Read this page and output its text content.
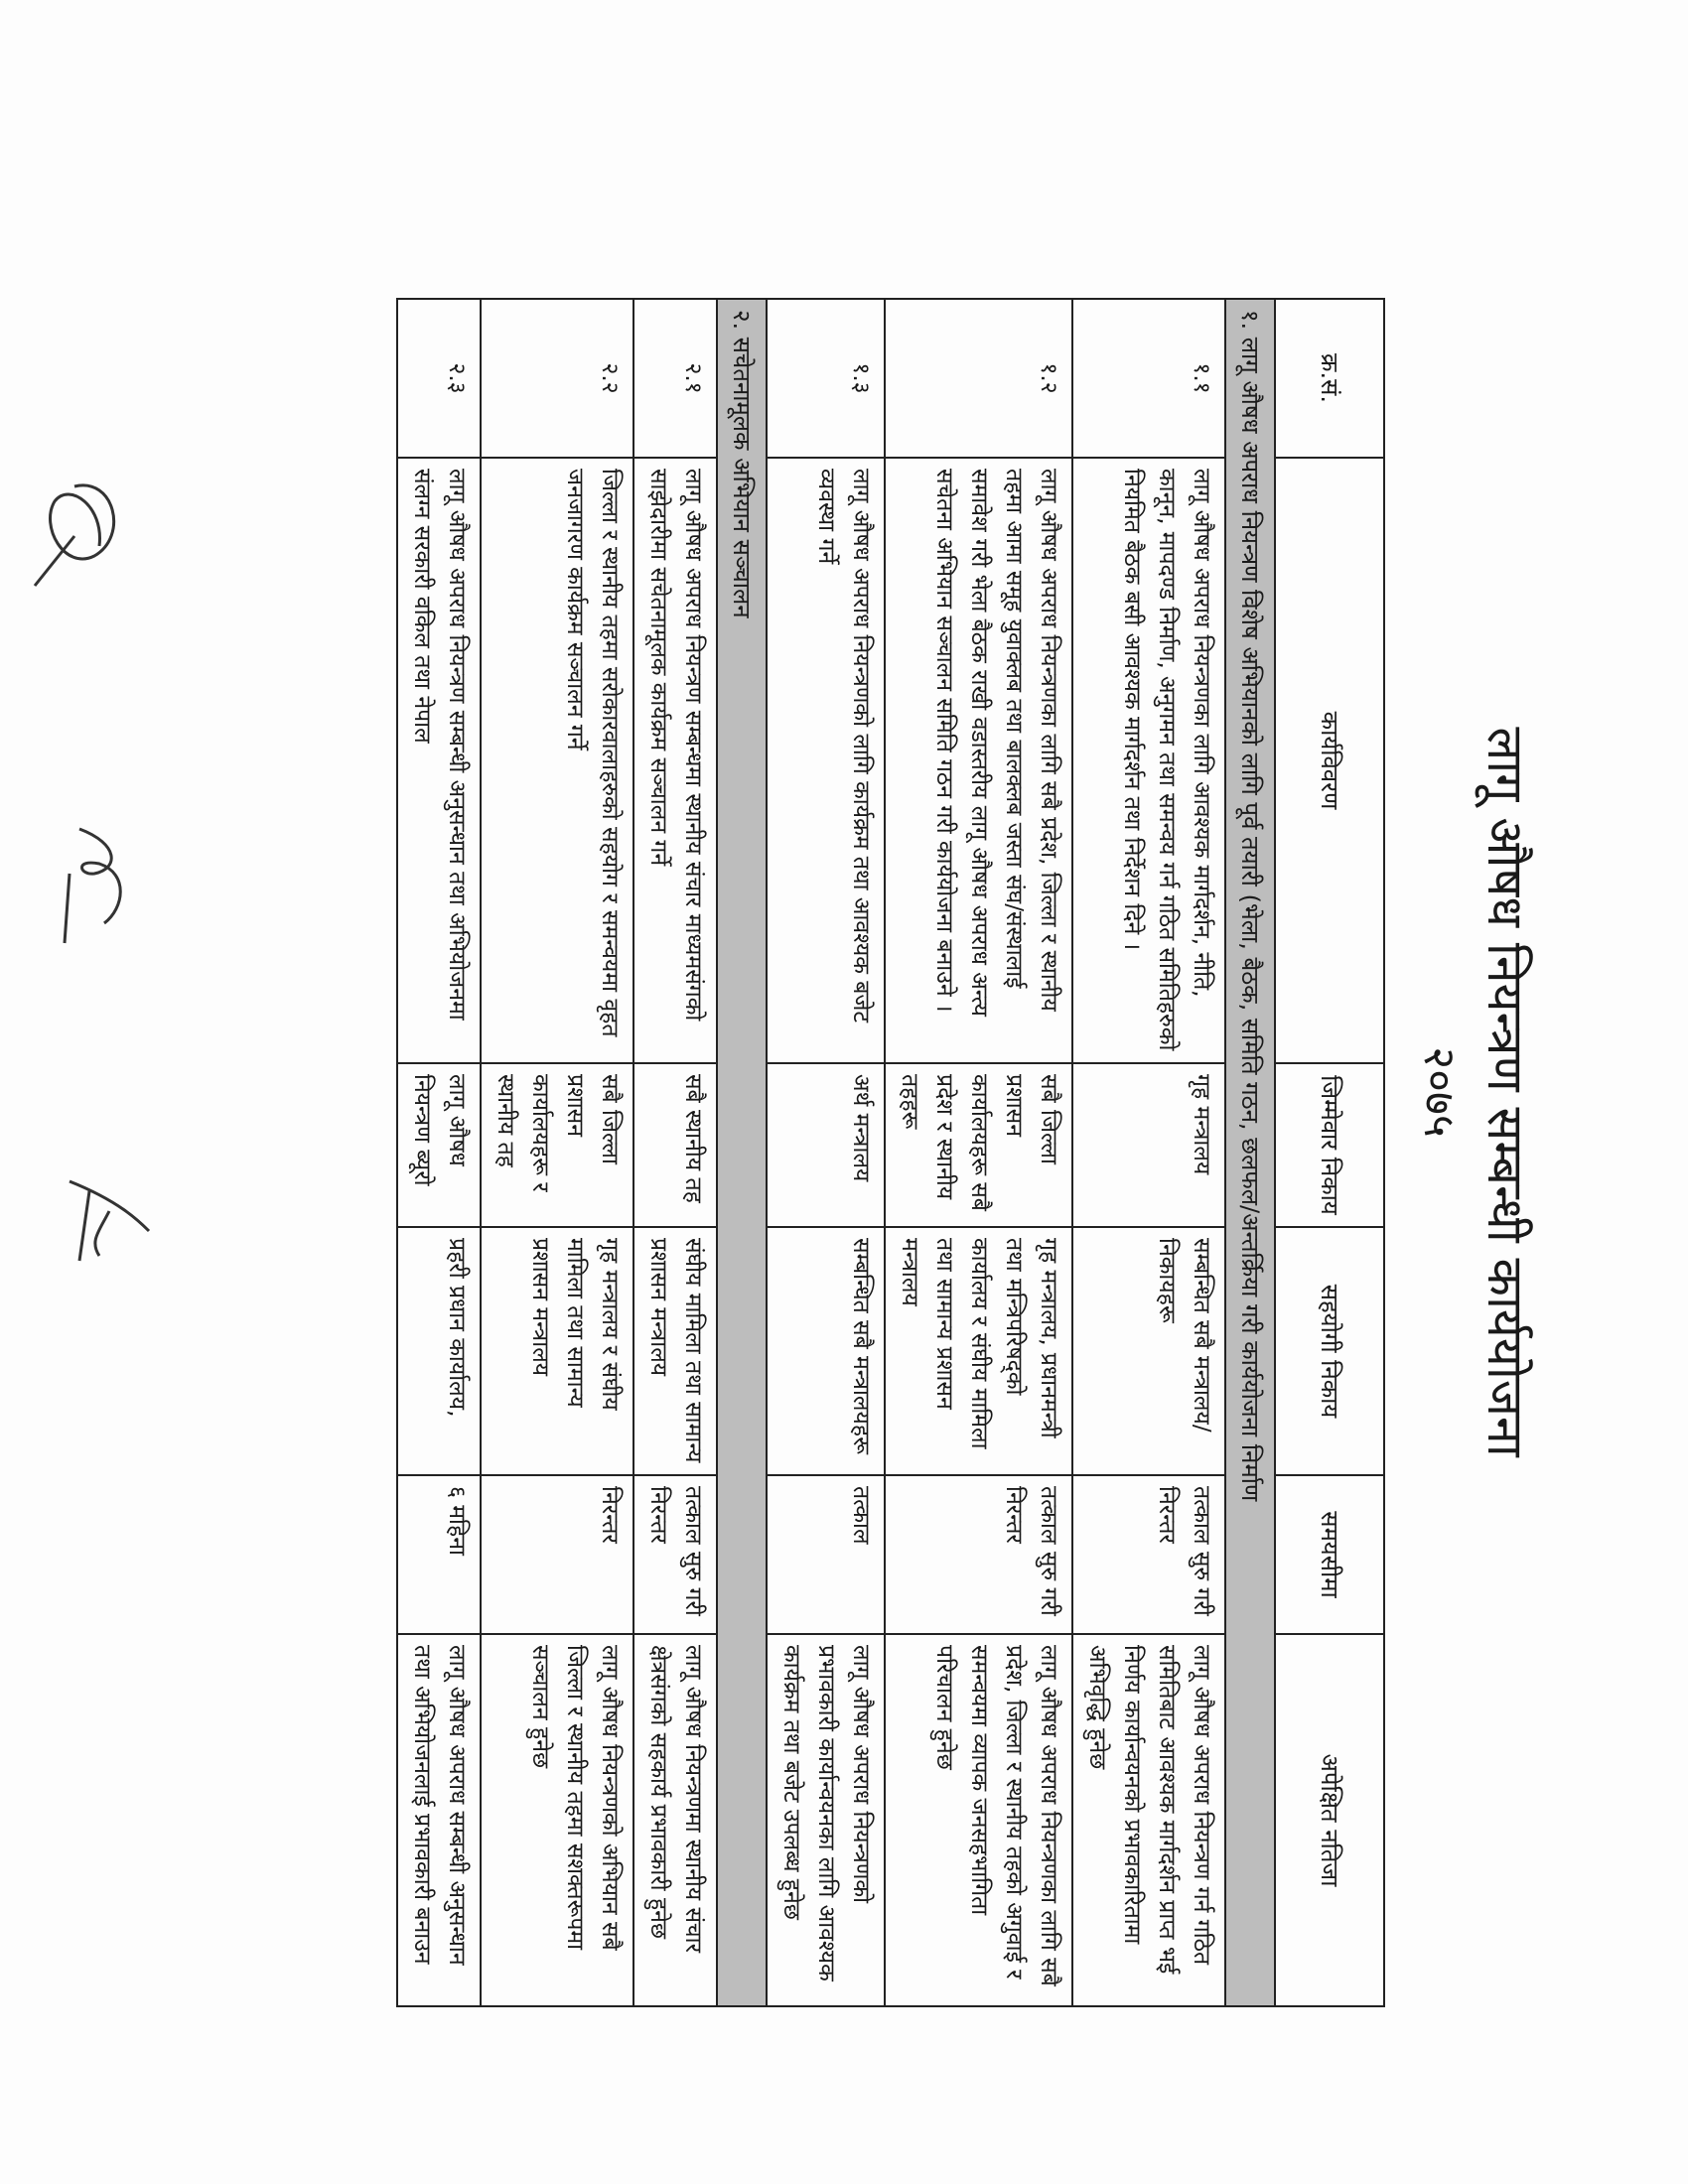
लागू औषध नियन्त्रण सम्बन्धी कार्ययोजना
२०७५
क्र.सं.	कार्यविवरण	जिम्मेवार निकाय	सहयोगी निकाय	समयसीमा	अपेक्षित नतिजा
१. लागू औषध अपराध नियन्त्रण विशेष अभियानको लागि पूर्व तयारी (भेला, बैठक, समिति गठन, छलफल/अन्तर्क्रिया गरी कार्ययोजना निर्माण					
१.१	लागू औषध अपराध नियन्त्रणका लागि आवश्यक मार्गदर्शन, नीति, कानून, मापदण्ड निर्माण, अनुगमन तथा समन्वय गर्न गठित समितिहरुको नियमित बैठक बसी आवश्यक मार्गदर्शन तथा निर्देशन दिने ।	गृह मन्त्रालय	सम्बन्धित सबै मन्त्रालय/निकायहरू	तत्काल सुरु गरी निरन्तर	लागू औषध अपराध नियन्त्रण गर्न गठित समितिबाट आवश्यक मार्गदर्शन प्राप्त भई निर्णय कार्यान्वयनको प्रभावकारितामा अभिवृद्धि हुनेछ
१.२	लागू औषध अपराध नियन्त्रणका लागि सबै प्रदेश, जिल्ला र स्थानीय तहमा आमा समूह युवाक्लब तथा बालक्लब जस्ता संघ/संस्थालाई समावेश गरी भेला बैठक राखी वडास्तरीय लागू औषध अपराध अन्त्य सचेतना अभियान सञ्चालन समिति गठन गरी कार्ययोजना बनाउने ।	सबै जिल्ला प्रशासन कार्यालयहरू सबै प्रदेश र स्थानीय तहहरू	गृह मन्त्रालय, प्रधानमन्त्री तथा मन्त्रिपरिषद्को कार्यालय र संघीय मामिला तथा सामान्य प्रशासन मन्त्रालय	तत्काल सुरु गरी निरन्तर	लागू औषध अपराध नियन्त्रणका लागि सबै प्रदेश, जिल्ला र स्थानीय तहको अगुवाई र समन्वयमा व्यापक जनसहभागिता परिचालन हुनेछ
१.३	लागू औषध अपराध नियन्त्रणको लागि कार्यक्रम तथा आवश्यक बजेट व्यवस्था गर्ने	अर्थ मन्त्रालय	सम्बन्धित सबै मन्त्रालयहरू	तत्काल	लागू औषध अपराध नियन्त्रणको प्रभावकारी कार्यान्वयनका लागि आवश्यक कार्यक्रम तथा बजेट उपलब्ध हुनेछ
२. सचेतनामूलक अभियान सञ्चालन					
२.१	लागू औषध अपराध नियन्त्रण सम्बन्धमा स्थानीय संचार माध्यमसंगको साझेदारीमा सचेतनामूलक कार्यक्रम सञ्चालन गर्ने	सबै स्थानीय तह	संघीय मामिला तथा सामान्य प्रशासन मन्त्रालय	तत्काल सुरु गरी निरन्तर	लागू औषध नियन्त्रणमा स्थानीय संचार क्षेत्रसंगको सहकार्य प्रभावकारी हुनेछ
२.२	जिल्ला र स्थानीय तहमा सरोकारवालाहरुको सहयोग र समन्वयमा वृहत जनजागरण कार्यक्रम सञ्चालन गर्ने	सबै जिल्ला प्रशासन कार्यालयहरू र स्थानीय तह	गृह मन्त्रालय र संघीय मामिला तथा सामान्य प्रशासन मन्त्रालय	निरन्तर	लागू औषध नियन्त्रणको अभियान सबै जिल्ला र स्थानीय तहमा सशक्तरूपमा सञ्चालन हुनेछ
२.३	लागू औषध अपराध नियन्त्रण सम्बन्धी अनुसन्धान तथा अभियोजनमा संलग्न सरकारी वकिल तथा नेपाल	लागू औषध नियन्त्रण ब्यूरो	प्रहरी प्रधान कार्यालय,	६ महिना	लागू औषध अपराध सम्बन्धी अनुसन्धान तथा अभियोजनलाई प्रभावकारी बनाउन
